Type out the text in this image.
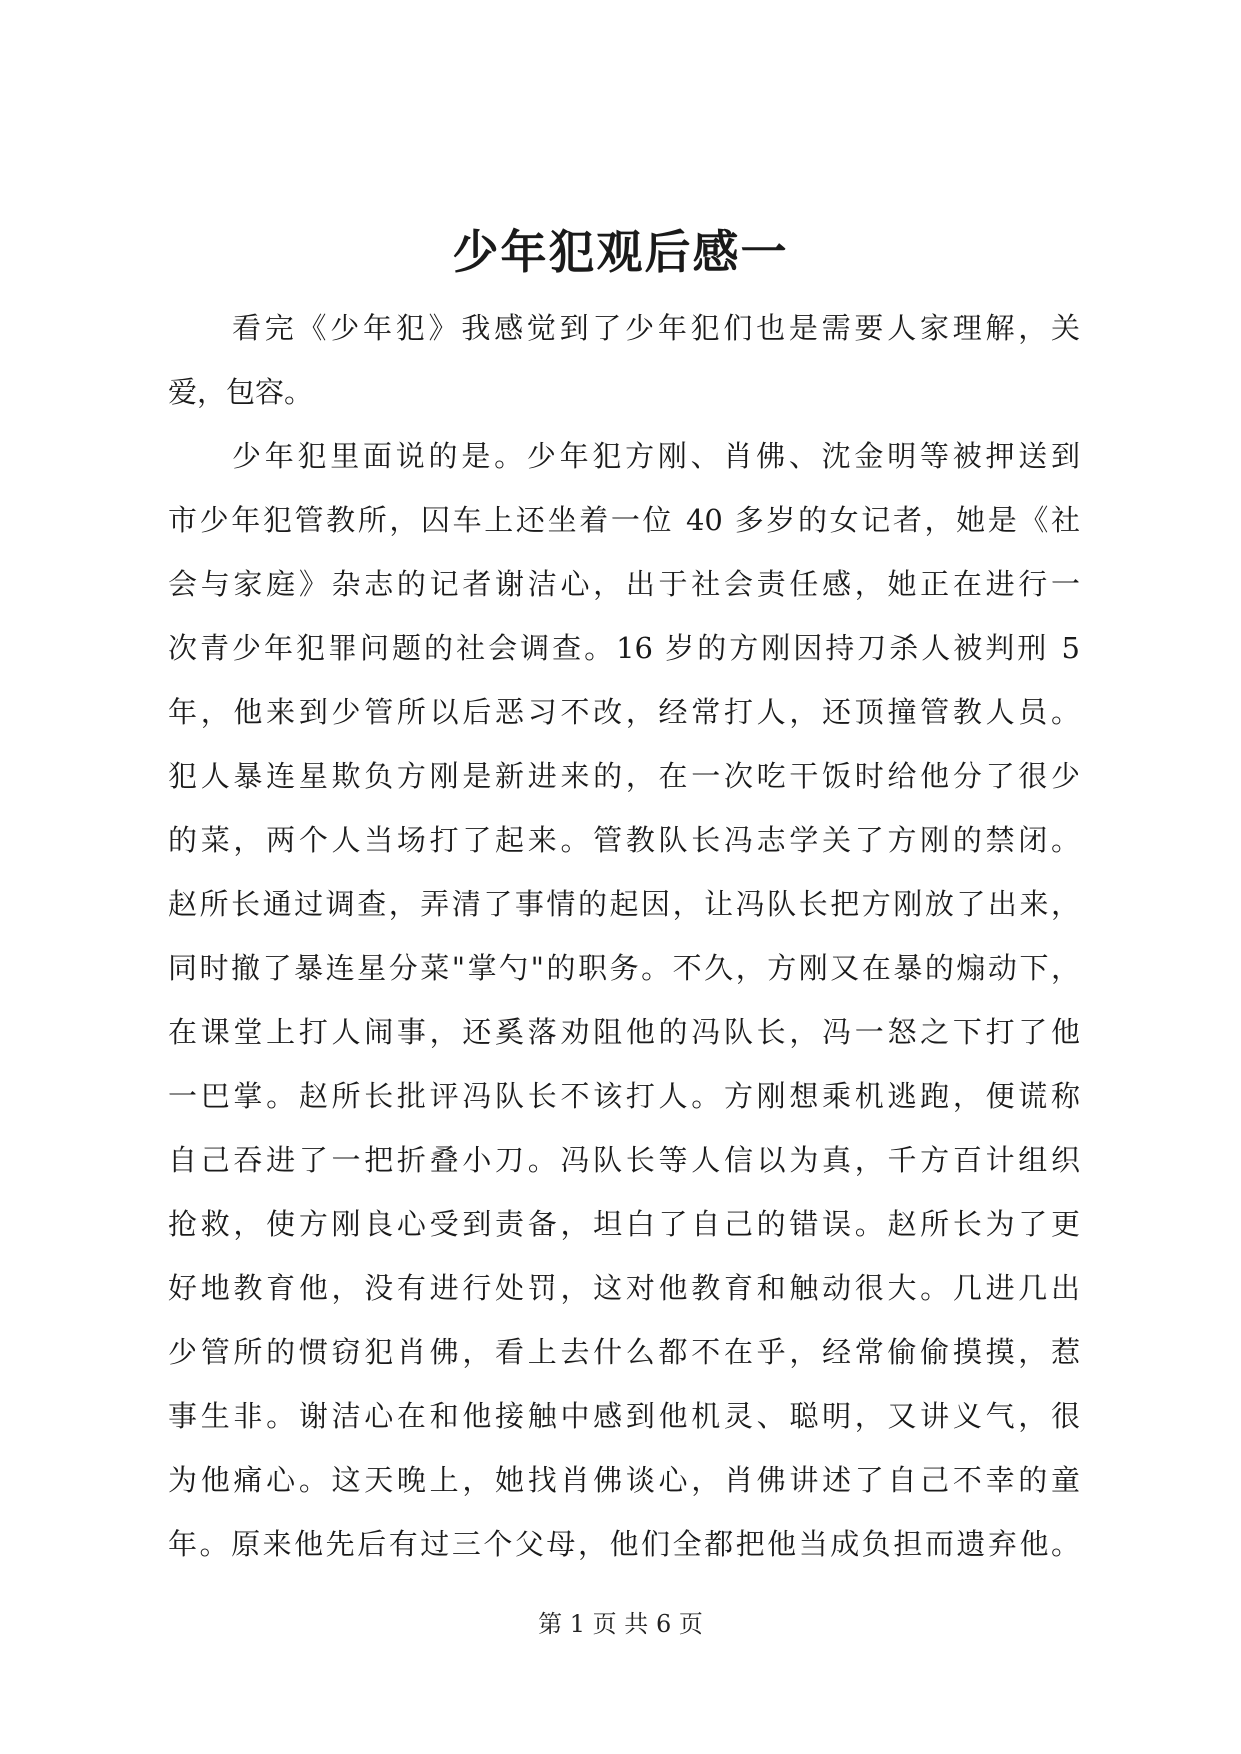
少年犯观后感一
看完《少年犯》我感觉到了少年犯们也是需要人家理解，关
爱，包容。
少年犯里面说的是。少年犯方刚、肖佛、沈金明等被押送到
市少年犯管教所，囚车上还坐着一位 40 多岁的女记者，她是《社
会与家庭》杂志的记者谢洁心，出于社会责任感，她正在进行一
次青少年犯罪问题的社会调查。16 岁的方刚因持刀杀人被判刑 5
年，他来到少管所以后恶习不改，经常打人，还顶撞管教人员。
犯人暴连星欺负方刚是新进来的，在一次吃干饭时给他分了很少
的菜，两个人当场打了起来。管教队长冯志学关了方刚的禁闭。
赵所长通过调查，弄清了事情的起因，让冯队长把方刚放了出来，
同时撤了暴连星分菜"掌勺"的职务。不久，方刚又在暴的煽动下，
在课堂上打人闹事，还奚落劝阻他的冯队长，冯一怒之下打了他
一巴掌。赵所长批评冯队长不该打人。方刚想乘机逃跑，便谎称
自己吞进了一把折叠小刀。冯队长等人信以为真，千方百计组织
抢救，使方刚良心受到责备，坦白了自己的错误。赵所长为了更
好地教育他，没有进行处罚，这对他教育和触动很大。几进几出
少管所的惯窃犯肖佛，看上去什么都不在乎，经常偷偷摸摸，惹
事生非。谢洁心在和他接触中感到他机灵、聪明，又讲义气，很
为他痛心。这天晚上，她找肖佛谈心，肖佛讲述了自己不幸的童
年。原来他先后有过三个父母，他们全都把他当成负担而遗弃他。
第 1 页 共 6 页
